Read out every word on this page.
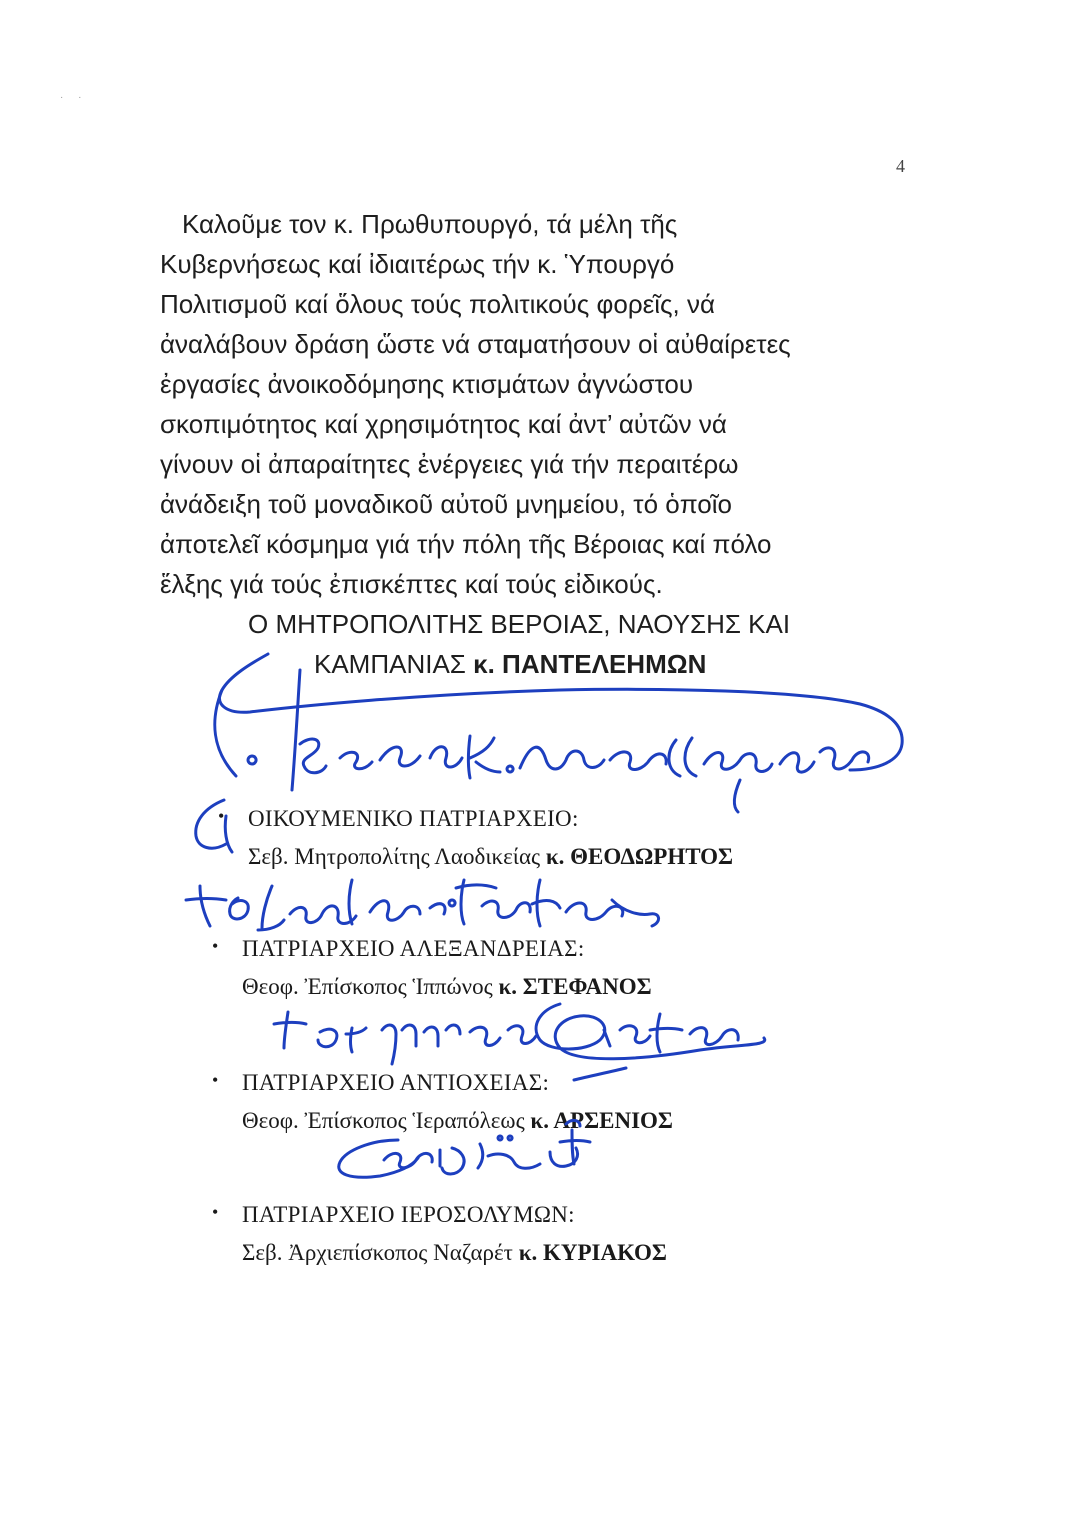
· ·
4
Καλοῦμε τον κ. Πρωθυπουργό, τά μέλη τῆς
Κυβερνήσεως καί ἰδιαιτέρως τήν κ. Ὑπουργό
Πολιτισμοῦ καί ὅλους τούς πολιτικούς φορεῖς, νά
ἀναλάβουν δράση ὥστε νά σταματήσουν οἱ αὐθαίρετες
ἐργασίες ἀνοικοδόμησης κτισμάτων ἀγνώστου
σκοπιμότητος καί χρησιμότητος καί ἀντ’ αὐτῶν νά
γίνουν οἱ ἀπαραίτητες ἐνέργειες γιά τήν περαιτέρω
ἀνάδειξη τοῦ μοναδικοῦ αὐτοῦ μνημείου, τό ὁποῖο
ἀποτελεῖ κόσμημα γιά τήν πόλη τῆς Βέροιας καί πόλο
ἕλξης γιά τούς ἐπισκέπτες καί τούς εἰδικούς.
Ο ΜΗΤΡΟΠΟΛΙΤΗΣ ΒΕΡΟΙΑΣ, ΝΑΟΥΣΗΣ ΚΑΙ
ΚΑΜΠΑΝΙΑΣ κ. ΠΑΝΤΕΛΕΗΜΩΝ
• ΟΙΚΟΥΜΕΝΙΚΟ ΠΑΤΡΙΑΡΧΕΙΟ:
Σεβ. Μητροπολίτης Λαοδικείας κ. ΘΕΟΔΩΡΗΤΟΣ
• ΠΑΤΡΙΑΡΧΕΙΟ ΑΛΕΞΑΝΔΡΕΙΑΣ:
Θεοφ. Ἐπίσκοπος Ἱππώνος κ. ΣΤΕΦΑΝΟΣ
• ΠΑΤΡΙΑΡΧΕΙΟ ΑΝΤΙΟΧΕΙΑΣ:
Θεοφ. Ἐπίσκοπος Ἱεραπόλεως κ. ΑΡΣΕΝΙΟΣ
• ΠΑΤΡΙΑΡΧΕΙΟ ΙΕΡΟΣΟΛΥΜΩΝ:
Σεβ. Ἀρχιεπίσκοπος Ναζαρέτ κ. ΚΥΡΙΑΚΟΣ
